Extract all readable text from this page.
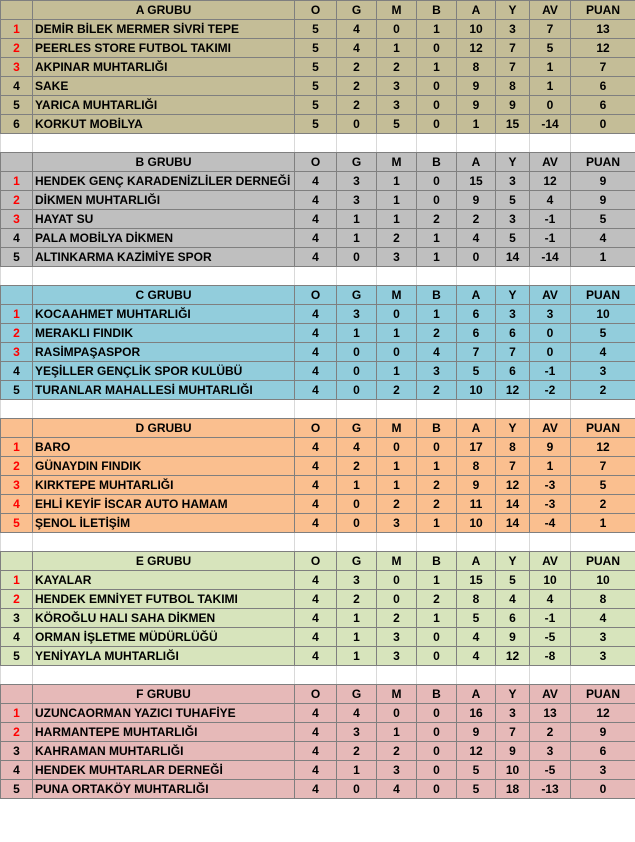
	A GRUBU	O	G	M	B	A	Y	AV	PUAN
1	DEMİR BİLEK MERMER SİVRİ TEPE	5	4	0	1	10	3	7	13
2	PEERLES STORE FUTBOL TAKIMI	5	4	1	0	12	7	5	12
3	AKPINAR MUHTARLIĞI	5	2	2	1	8	7	1	7
4	SAKE	5	2	3	0	9	8	1	6
5	YARICA MUHTARLIĞI	5	2	3	0	9	9	0	6
6	KORKUT MOBİLYA	5	0	5	0	1	15	-14	0

	B GRUBU	O	G	M	B	A	Y	AV	PUAN
1	HENDEK GENÇ KARADENİZLİLER DERNEĞİ	4	3	1	0	15	3	12	9
2	DİKMEN MUHTARLIĞI	4	3	1	0	9	5	4	9
3	HAYAT SU	4	1	1	2	2	3	-1	5
4	PALA MOBİLYA DİKMEN	4	1	2	1	4	5	-1	4
5	ALTINKARMA KAZİMİYE SPOR	4	0	3	1	0	14	-14	1

	C GRUBU	O	G	M	B	A	Y	AV	PUAN
1	KOCAAHMET MUHTARLIĞI	4	3	0	1	6	3	3	10
2	MERAKLI FINDIK	4	1	1	2	6	6	0	5
3	RASİMPAŞASPOR	4	0	0	4	7	7	0	4
4	YEŞİLLER GENÇLİK SPOR KULÜBÜ	4	0	1	3	5	6	-1	3
5	TURANLAR MAHALLESİ MUHTARLIĞI	4	0	2	2	10	12	-2	2

	D GRUBU	O	G	M	B	A	Y	AV	PUAN
1	BARO	4	4	0	0	17	8	9	12
2	GÜNAYDIN FINDIK	4	2	1	1	8	7	1	7
3	KIRKTEPE MUHTARLIĞI	4	1	1	2	9	12	-3	5
4	EHLİ KEYİF İSCAR AUTO HAMAM	4	0	2	2	11	14	-3	2
5	ŞENOL İLETİŞİM	4	0	3	1	10	14	-4	1

	E GRUBU	O	G	M	B	A	Y	AV	PUAN
1	KAYALAR	4	3	0	1	15	5	10	10
2	HENDEK EMNİYET FUTBOL TAKIMI	4	2	0	2	8	4	4	8
3	KÖROĞLU HALI SAHA DİKMEN	4	1	2	1	5	6	-1	4
4	ORMAN İŞLETME MÜDÜRLÜĞÜ	4	1	3	0	4	9	-5	3
5	YENİYAYLA MUHTARLIĞI	4	1	3	0	4	12	-8	3

	F GRUBU	O	G	M	B	A	Y	AV	PUAN
1	UZUNCAORMAN YAZICI TUHAFİYE	4	4	0	0	16	3	13	12
2	HARMANTEPE MUHTARLIĞI	4	3	1	0	9	7	2	9
3	KAHRAMAN MUHTARLIĞI	4	2	2	0	12	9	3	6
4	HENDEK MUHTARLAR DERNEĞİ	4	1	3	0	5	10	-5	3
5	PUNA ORTAKÖY MUHTARLIĞI	4	0	4	0	5	18	-13	0
